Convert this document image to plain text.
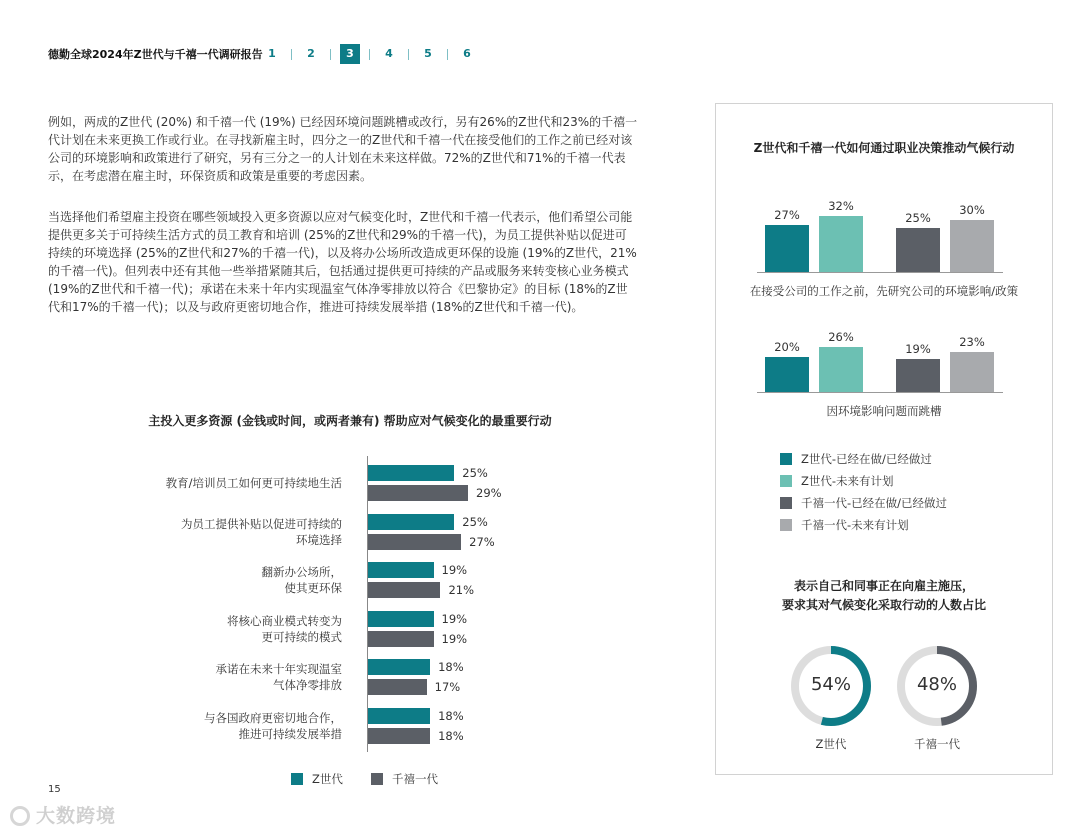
德勤全球2024年Z世代与千禧一代调研报告 1	2	3	4	5	6

例如，两成的Z世代 (20%) 和千禧一代 (19%) 已经因环境问题跳槽或改行，另有26%的Z世代和23%的千禧一代计划在未来更换工作或行业。在寻找新雇主时，四分之一的Z世代和千禧一代在接受他们的工作之前已经对该公司的环境影响和政策进行了研究，另有三分之一的人计划在未来这样做。72%的Z世代和71%的千禧一代表示，在考虑潜在雇主时，环保资质和政策是重要的考虑因素。

当选择他们希望雇主投资在哪些领域投入更多资源以应对气候变化时，Z世代和千禧一代表示，他们希望公司能提供更多关于可持续生活方式的员工教育和培训 (25%的Z世代和29%的千禧一代)，为员工提供补贴以促进可持续的环境选择 (25%的Z世代和27%的千禧一代)，以及将办公场所改造成更环保的设施 (19%的Z世代，21%的千禧一代)。但列表中还有其他一些举措紧随其后，包括通过提供更可持续的产品或服务来转变核心业务模式 (19%的Z世代和千禧一代)；承诺在未来十年内实现温室气体净零排放以符合《巴黎协定》的目标 (18%的Z世代和17%的千禧一代)；以及与政府更密切地合作，推进可持续发展举措 (18%的Z世代和千禧一代)。

主投入更多资源 (金钱或时间，或两者兼有) 帮助应对气候变化的最重要行动
教育/培训员工如何更可持续地生活
25%
29%
为员工提供补贴以促进可持续的
环境选择
25%
27%
翻新办公场所，
使其更环保
19%
21%
将核心商业模式转变为
更可持续的模式
19%
19%
承诺在未来十年实现温室
气体净零排放
18%
17%
与各国政府更密切地合作，
推进可持续发展举措
18%
18%
Z世代	千禧一代
15
大数跨境
Z世代和千禧一代如何通过职业决策推动气候行动
27%
32%
25%
30%
20%
26%
19%	23%
在接受公司的工作之前，先研究公司的环境影响/政策
因环境影响问题而跳槽
Z世代-已经在做/已经做过
Z世代-未来有计划
千禧一代-已经在做/已经做过
千禧一代-未来有计划
表示自己和同事正在向雇主施压，
要求其对气候变化采取行动的人数占比
54%
Z世代
48%
千禧一代
